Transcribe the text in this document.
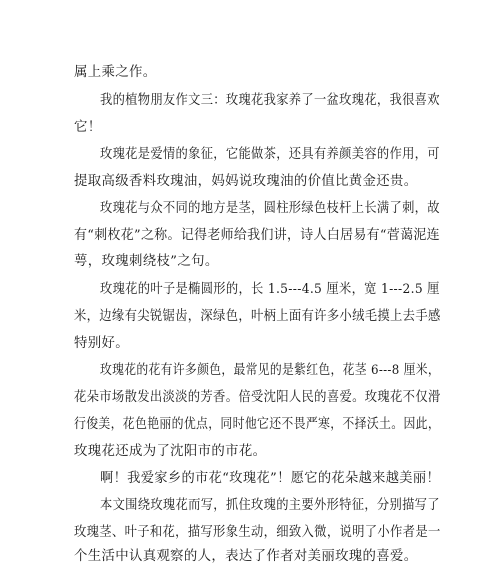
属上乘之作。
我的植物朋友作文三：玫瑰花我家养了一盆玫瑰花，我很喜欢
它！
玫瑰花是爱情的象征，它能做茶，还具有养颜美容的作用，可
提取高级香料玫瑰油，妈妈说玫瑰油的价值比黄金还贵。
玫瑰花与众不同的地方是茎，圆柱形绿色枝杆上长满了刺，故
有“刺枚花”之称。记得老师给我们讲，诗人白居易有“菅蔼泥连
萼，玫瑰刺绕枝”之句。
玫瑰花的叶子是椭圆形的，长 1.5---4.5 厘米，宽 1---2.5 厘
米，边缘有尖锐锯齿，深绿色，叶柄上面有许多小绒毛摸上去手感
特别好。
玫瑰花的花有许多颜色，最常见的是紫红色，花茎 6---8 厘米，
花朵市场散发出淡淡的芳香。倍受沈阳人民的喜爱。玫瑰花不仅滑
行俊美，花色艳丽的优点，同时他它还不畏严寒，不择沃土。因此，
玫瑰花还成为了沈阳市的市花。
啊！我爱家乡的市花“玫瑰花”！愿它的花朵越来越美丽！
本文围绕玫瑰花而写，抓住玫瑰的主要外形特征，分别描写了
玫瑰茎、叶子和花，描写形象生动，细致入微，说明了小作者是一
个生活中认真观察的人，表达了作者对美丽玫瑰的喜爱。
